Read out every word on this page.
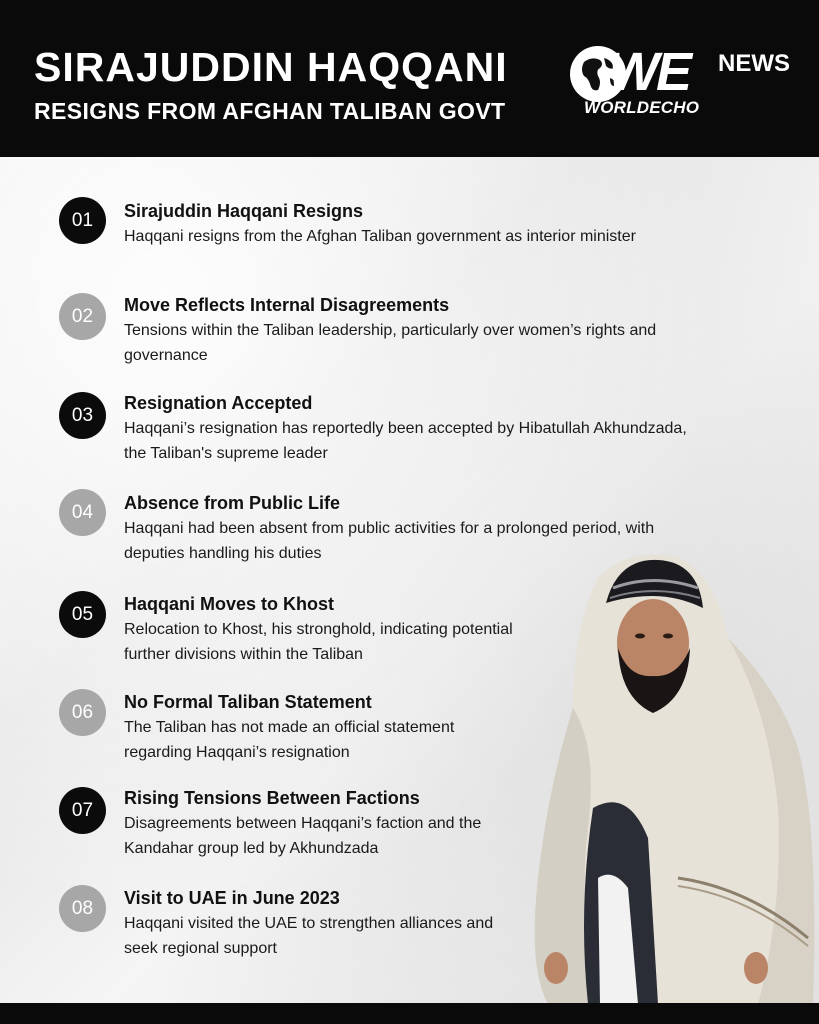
SIRAJUDDIN HAQQANI
RESIGNS FROM AFGHAN TALIBAN GOVT
WE NEWS
WORLDECHO
01	Sirajuddin Haqqani Resigns
Haqqani resigns from the Afghan Taliban government as interior minister
02
Move Reflects Internal Disagreements
Tensions within the Taliban leadership, particularly over women’s rights and governance
03
Resignation Accepted
Haqqani’s resignation has reportedly been accepted by Hibatullah Akhundzada, the Taliban's supreme leader
04	Absence from Public Life
Haqqani had been absent from public activities for a prolonged period, with deputies handling his duties
05	Haqqani Moves to Khost
Relocation to Khost, his stronghold, indicating potential further divisions within the Taliban
06	No Formal Taliban Statement
The Taliban has not made an official statement regarding Haqqani’s resignation
07
Rising Tensions Between Factions
Disagreements between Haqqani’s faction and the Kandahar group led by Akhundzada
08	Visit to UAE in June 2023
Haqqani visited the UAE to strengthen alliances and seek regional support
